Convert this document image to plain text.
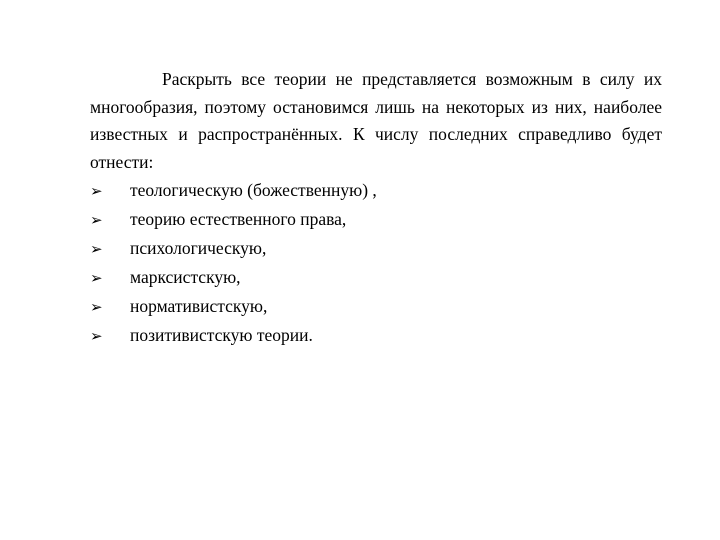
Раскрыть все теории не представляется возможным в силу их многообразия, поэтому остановимся лишь на некоторых из них, наиболее известных и распространённых. К числу последних справедливо будет отнести:

➢	теологическую (божественную) ,
➢	теорию естественного права,
➢	психологическую,
➢	марксистскую,
➢	нормативистскую,
➢	позитивистскую теории.
